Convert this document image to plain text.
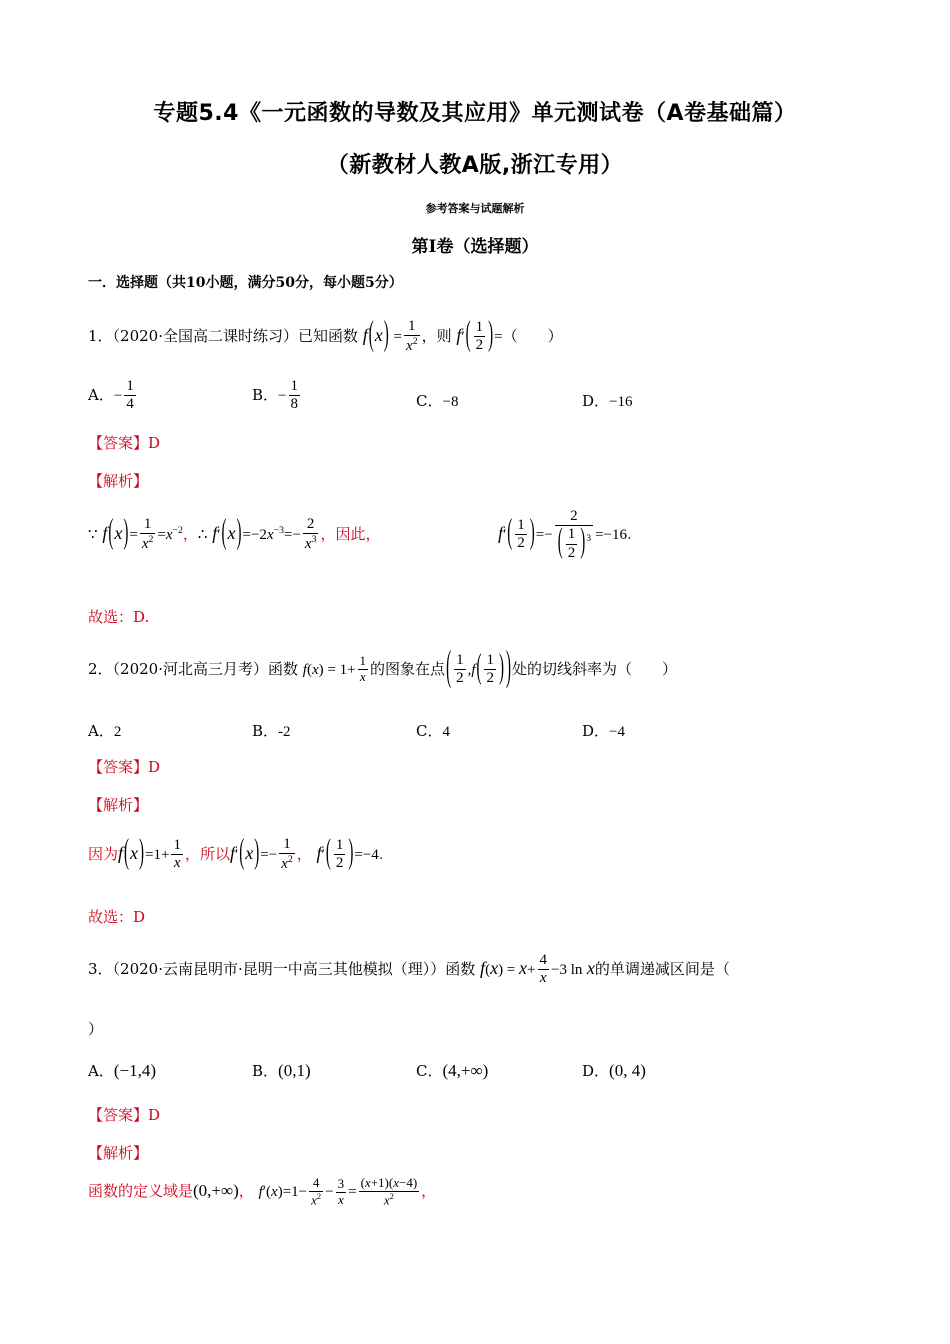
专题5.4《一元函数的导数及其应用》单元测试卷（A卷基础篇）
（新教材人教A版,浙江专用）
参考答案与试题解析
第Ⅰ卷（选择题）
一．选择题（共10小题，满分50分，每小题5分）
1．（2020·全国高二课时练习）已知函数 $f(x) = \frac{1}{x^2}$ ，则 $f'( \frac{1}{2}$ )=（　　）
A．− $\frac{1}{4}$	B．− $\frac{1}{8}$	C．−8	D．−16
【答案】D
【解析】
∵ $f(x)= \frac{1}{x^2} =x^{-2}$，∴ $f'(x)=-2x^{-3}=- \frac{2}{x^3}$ ，因此，	$f'( \frac{1}{2}$ )=− $\frac{2}{( \frac{1}{2} )^3} =-16$.
故选：D.
2．（2020·河北高三月考）函数 $f(x) = 1+ \frac{1}{x}$ 的图象在点( $\frac{1}{2} ,f( \frac{1}{2}$ ) )处的切线斜率为（　　）
A．2	B．-2	C．4	D．−4
【答案】D
【解析】
因为$f(x)=1+ \frac{1}{x}$ ，所以$f'(x)=- \frac{1}{x^2}$ ， $f'( \frac{1}{2} )=-4$.
故选：D
3．（2020·云南昆明市·昆明一中高三其他模拟（理））函数 $f(x) = x+ \frac{4}{x} -3$ ln x的单调递减区间是（
）
A．(−1,4)	B．(0,1)	C．(4,+∞)	D．(0, 4)
【答案】D
【解析】
函数的定义域是(0,+∞)， $f'(x)=1- \frac{4}{x^2} - \frac{3}{x} = \frac{(x+1)(x-4)}{x^2}$ ，
